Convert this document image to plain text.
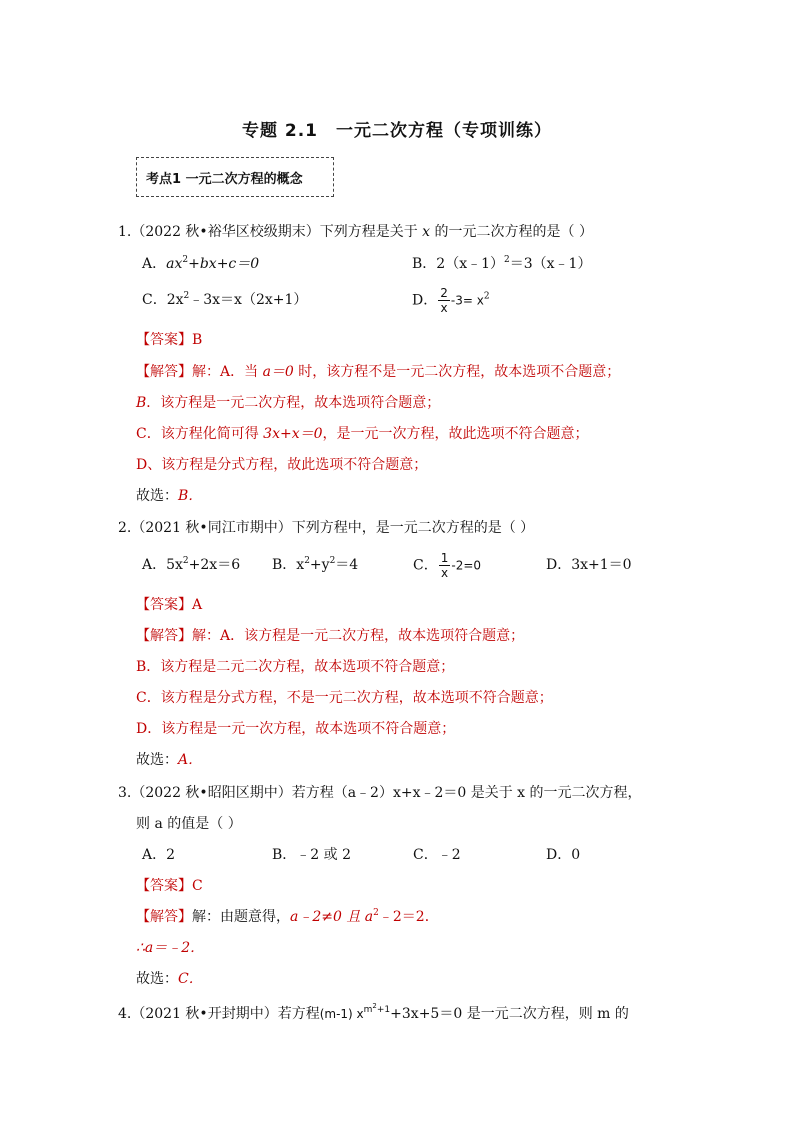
专题 2.1 一元二次方程（专项训练）
考点1 一元二次方程的概念
1.（2022 秋•裕华区校级期末）下列方程是关于 x 的一元二次方程的是（ ）
A．$ax^2+bx+c=0$	B．2（x﹣1）$^2$＝3（x﹣1）
C．$2x^2﹣3x=x(2x+1)$	D． $\frac{2}{x} -3= x^2$
【答案】B
【解答】解：A．当 a＝0 时，该方程不是一元二次方程，故本选项不合题意；
B．该方程是一元二次方程，故本选项符合题意；
C．该方程化简可得 3x+x＝0，是一元一次方程，故此选项不符合题意；
D、该方程是分式方程，故此选项不符合题意；
故选：B．
2.（2021 秋•同江市期中）下列方程中，是一元二次方程的是（ ）
A．$5x^2+2x=6$ B．$x^2+y^2=4$	C． $\frac{1}{x} -2=0$	D．3x+1＝0
【答案】A
【解答】解：A．该方程是一元二次方程，故本选项符合题意；
B．该方程是二元二次方程，故本选项不符合题意；
C．该方程是分式方程，不是一元二次方程，故本选项不符合题意；
D．该方程是一元一次方程，故本选项不符合题意；
故选：A．
3.（2022 秋•昭阳区期中）若方程（a﹣2）x+x﹣2＝0 是关于 x 的一元二次方程，
则 a 的值是（ ）
A．2	B．﹣2 或 2	C．﹣2	D．0
【答案】C
【解答】解：由题意得，a﹣2≠0 且 $a^2﹣2=2$．
∴a＝﹣2．
故选：C．
4.（2021 秋•开封期中）若方程(m-1) $x^{m^2+1}+3x+5=0$ 是一元二次方程，则 m 的
